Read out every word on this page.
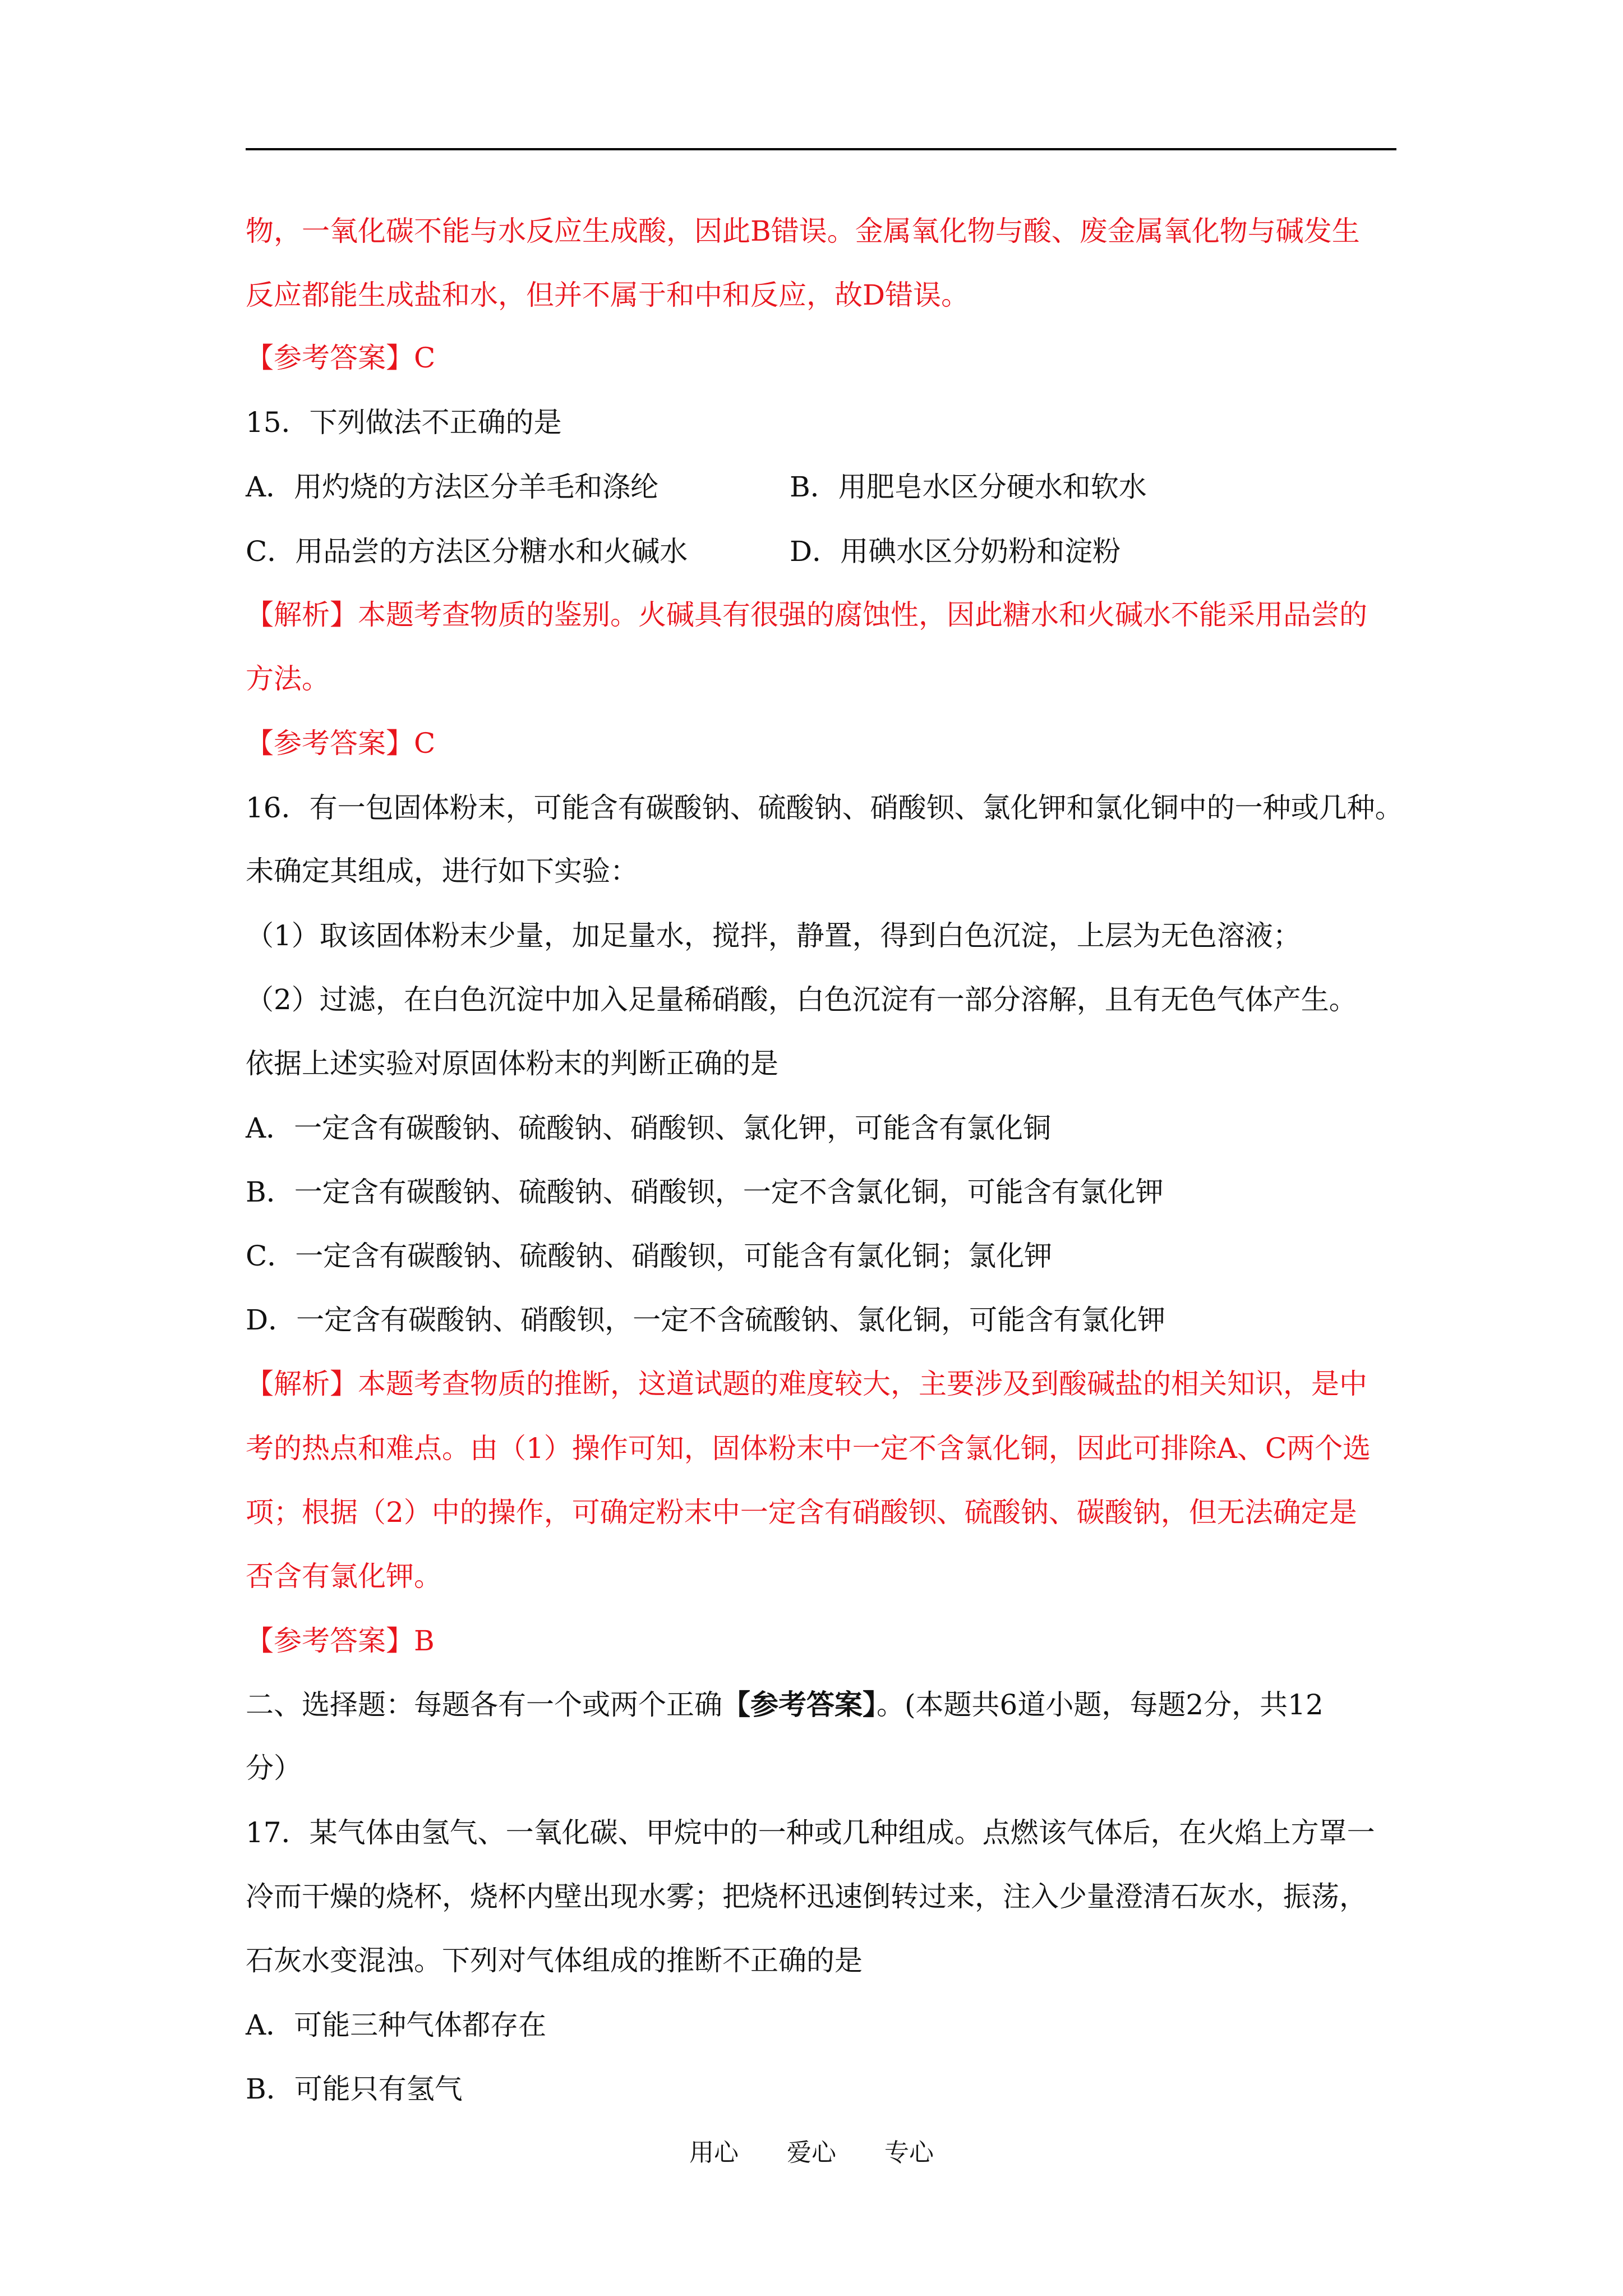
物，一氧化碳不能与水反应生成酸，因此B错误。金属氧化物与酸、废金属氧化物与碱发生
反应都能生成盐和水，但并不属于和中和反应，故D错误。
【参考答案】C
15．下列做法不正确的是
A．用灼烧的方法区分羊毛和涤纶	B．用肥皂水区分硬水和软水
C．用品尝的方法区分糖水和火碱水	D．用碘水区分奶粉和淀粉
【解析】本题考查物质的鉴别。火碱具有很强的腐蚀性，因此糖水和火碱水不能采用品尝的
方法。
【参考答案】C
16．有一包固体粉末，可能含有碳酸钠、硫酸钠、硝酸钡、氯化钾和氯化铜中的一种或几种。
未确定其组成，进行如下实验：
（1）取该固体粉末少量，加足量水，搅拌，静置，得到白色沉淀，上层为无色溶液；
（2）过滤，在白色沉淀中加入足量稀硝酸，白色沉淀有一部分溶解，且有无色气体产生。
依据上述实验对原固体粉末的判断正确的是
A．一定含有碳酸钠、硫酸钠、硝酸钡、氯化钾，可能含有氯化铜
B．一定含有碳酸钠、硫酸钠、硝酸钡，一定不含氯化铜，可能含有氯化钾
C．一定含有碳酸钠、硫酸钠、硝酸钡，可能含有氯化铜；氯化钾
D．一定含有碳酸钠、硝酸钡，一定不含硫酸钠、氯化铜，可能含有氯化钾
【解析】本题考查物质的推断，这道试题的难度较大，主要涉及到酸碱盐的相关知识，是中
考的热点和难点。由（1）操作可知，固体粉末中一定不含氯化铜，因此可排除A、C两个选
项；根据（2）中的操作，可确定粉末中一定含有硝酸钡、硫酸钠、碳酸钠，但无法确定是
否含有氯化钾。
【参考答案】B
二、选择题：每题各有一个或两个正确【参考答案】。(本题共6道小题，每题2分，共12
分）
17．某气体由氢气、一氧化碳、甲烷中的一种或几种组成。点燃该气体后，在火焰上方罩一
冷而干燥的烧杯，烧杯内壁出现水雾；把烧杯迅速倒转过来，注入少量澄清石灰水，振荡，
石灰水变混浊。下列对气体组成的推断不正确的是
A．可能三种气体都存在
B．可能只有氢气
用心 爱心 专心
